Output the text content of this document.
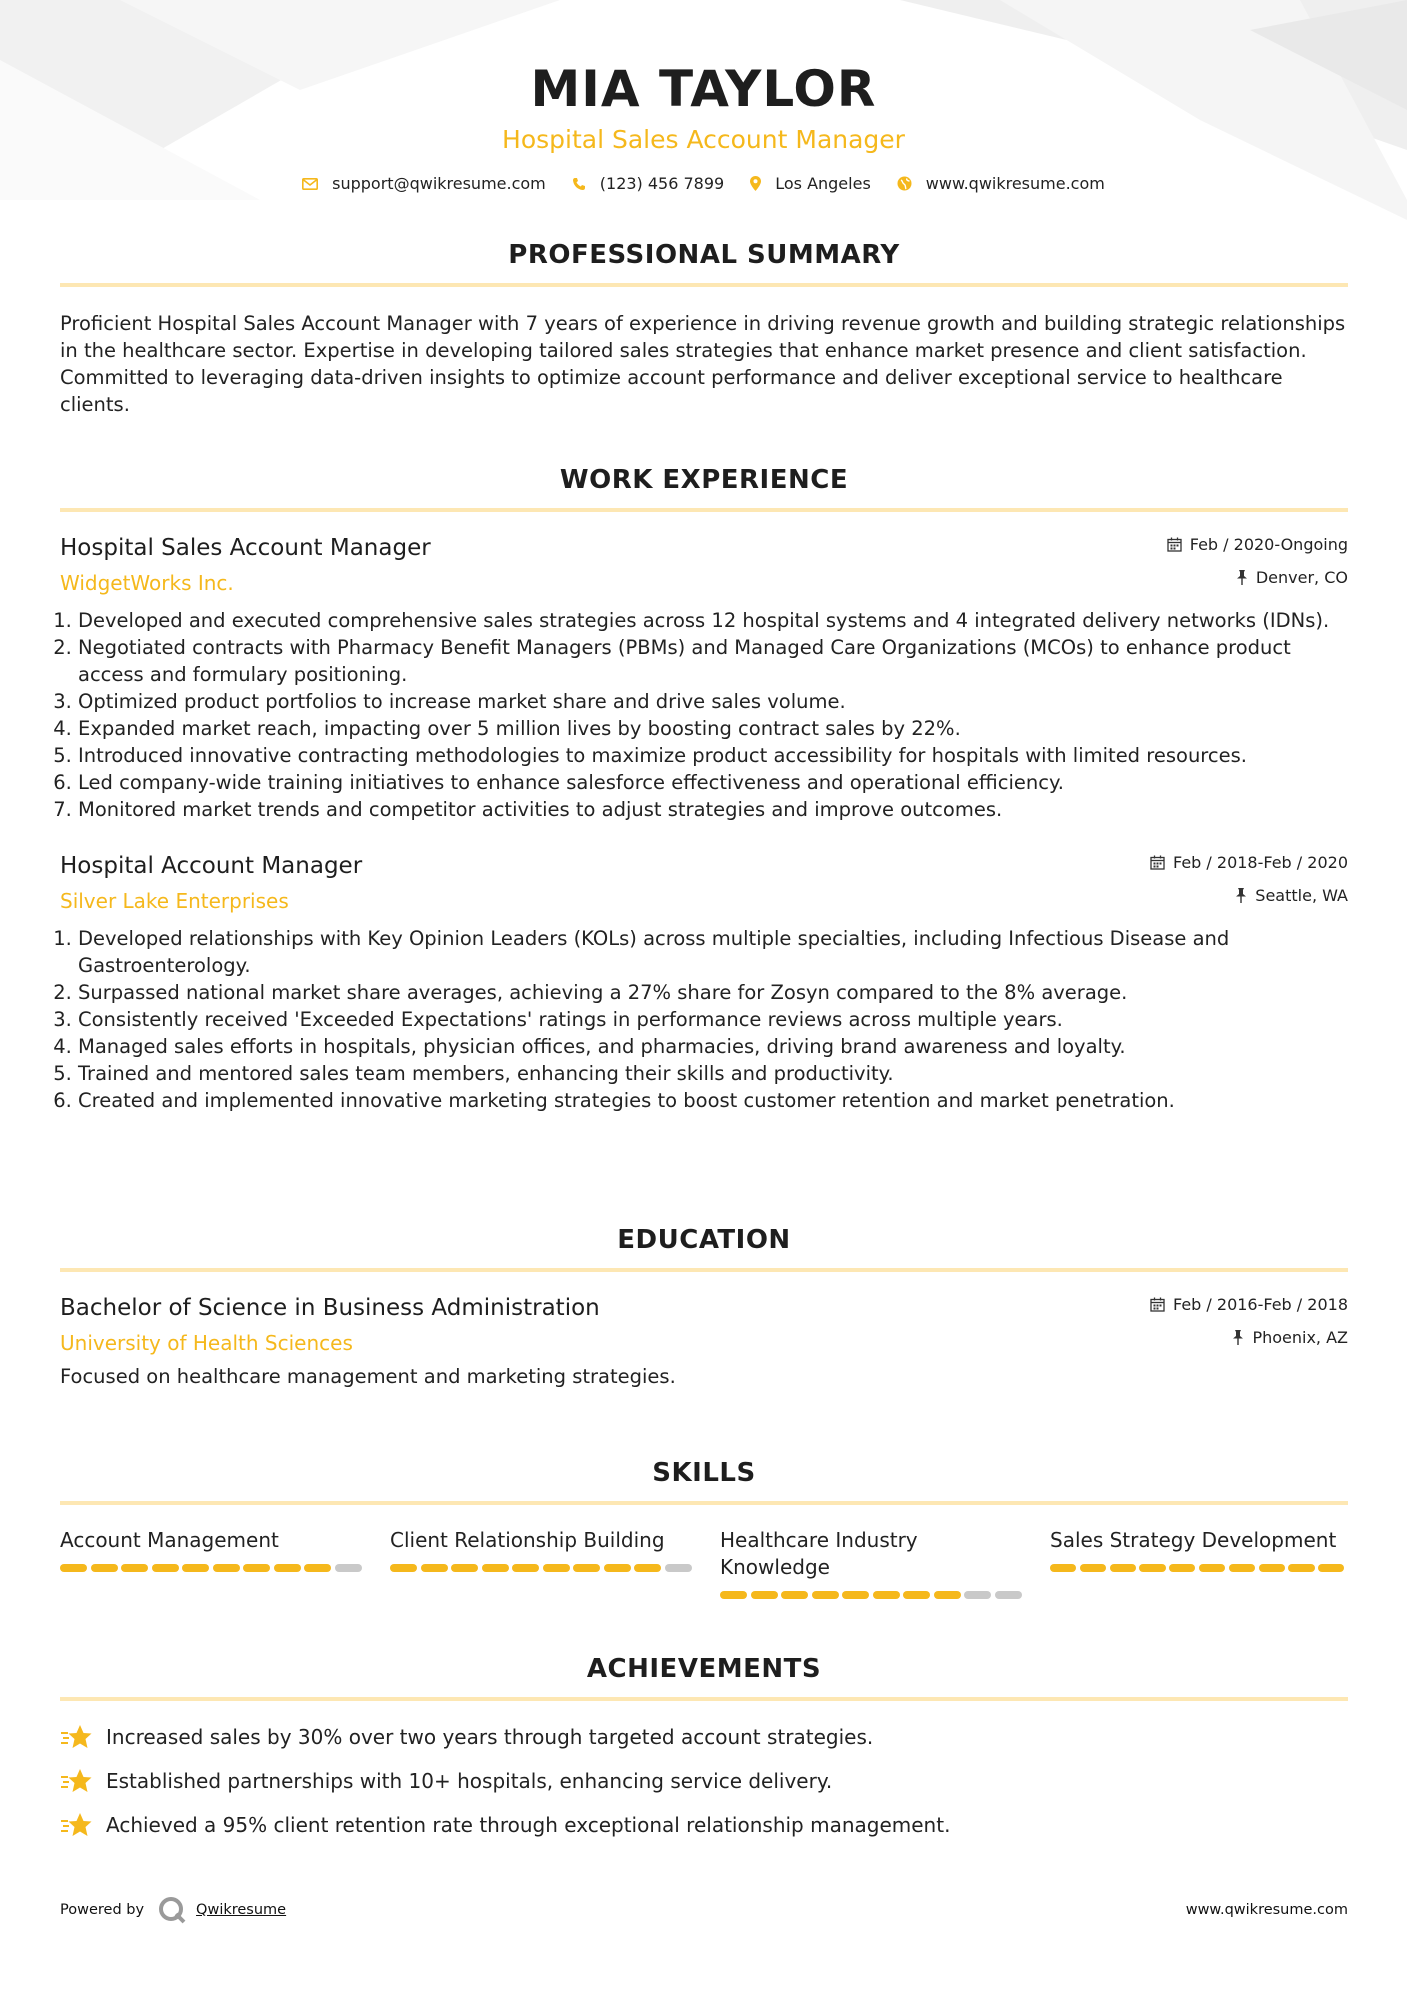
MIA TAYLOR
Hospital Sales Account Manager
support@qwikresume.com	(123) 456 7899	Los Angeles	www.qwikresume.com
PROFESSIONAL SUMMARY

Proficient Hospital Sales Account Manager with 7 years of experience in driving revenue growth and building strategic relationships in the healthcare sector. Expertise in developing tailored sales strategies that enhance market presence and client satisfaction. Committed to leveraging data-driven insights to optimize account performance and deliver exceptional service to healthcare clients.

WORK EXPERIENCE
Hospital Sales Account Manager
WidgetWorks Inc.
Feb / 2020-Ongoing
Denver, CO
1. Developed and executed comprehensive sales strategies across 12 hospital systems and 4 integrated delivery networks (IDNs).
2. Negotiated contracts with Pharmacy Benefit Managers (PBMs) and Managed Care Organizations (MCOs) to enhance product access and formulary positioning.
3. Optimized product portfolios to increase market share and drive sales volume.
4. Expanded market reach, impacting over 5 million lives by boosting contract sales by 22%.
5. Introduced innovative contracting methodologies to maximize product accessibility for hospitals with limited resources.
6. Led company-wide training initiatives to enhance salesforce effectiveness and operational efficiency.
7. Monitored market trends and competitor activities to adjust strategies and improve outcomes.
Hospital Account Manager
Silver Lake Enterprises
Feb / 2018-Feb / 2020
Seattle, WA
1. Developed relationships with Key Opinion Leaders (KOLs) across multiple specialties, including Infectious Disease and Gastroenterology.
2. Surpassed national market share averages, achieving a 27% share for Zosyn compared to the 8% average.
3. Consistently received 'Exceeded Expectations' ratings in performance reviews across multiple years.
4. Managed sales efforts in hospitals, physician offices, and pharmacies, driving brand awareness and loyalty.
5. Trained and mentored sales team members, enhancing their skills and productivity.
6. Created and implemented innovative marketing strategies to boost customer retention and market penetration.
EDUCATION
Bachelor of Science in Business Administration
University of Health Sciences
Feb / 2016-Feb / 2018
Phoenix, AZ

Focused on healthcare management and marketing strategies.

SKILLS
Account Management	Client Relationship Building	Healthcare Industry Knowledge
Sales Strategy Development
ACHIEVEMENTS
Increased sales by 30% over two years through targeted account strategies.
Established partnerships with 10+ hospitals, enhancing service delivery.
Achieved a 95% client retention rate through exceptional relationship management.
Powered by	Qwikresume	www.qwikresume.com
